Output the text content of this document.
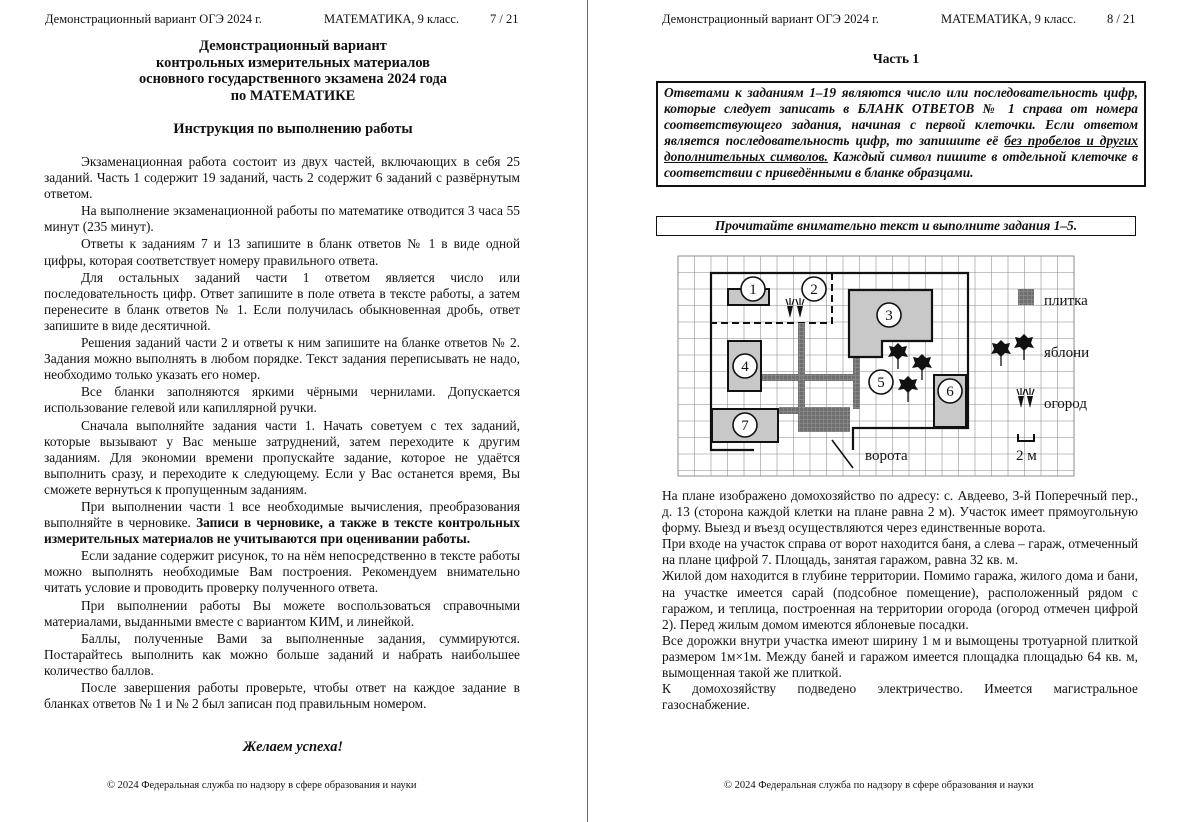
Демонстрационный вариант ОГЭ 2024 г.	МАТЕМАТИКА, 9 класс. 7 / 21
Демонстрационный вариант
контрольных измерительных материалов
основного государственного экзамена 2024 года
по МАТЕМАТИКЕ
Инструкция по выполнению работы

Экзаменационная работа состоит из двух частей, включающих в себя 25 заданий. Часть 1 содержит 19 заданий, часть 2 содержит 6 заданий с развёрнутым ответом.

На выполнение экзаменационной работы по математике отводится 3 часа 55 минут (235 минут).

Ответы к заданиям 7 и 13 запишите в бланк ответов № 1 в виде одной цифры, которая соответствует номеру правильного ответа.

Для остальных заданий части 1 ответом является число или последовательность цифр. Ответ запишите в поле ответа в тексте работы, а затем перенесите в бланк ответов № 1. Если получилась обыкновенная дробь, ответ запишите в виде десятичной.

Решения заданий части 2 и ответы к ним запишите на бланке ответов № 2. Задания можно выполнять в любом порядке. Текст задания переписывать не надо, необходимо только указать его номер.

Все бланки заполняются яркими чёрными чернилами. Допускается использование гелевой или капиллярной ручки.

Сначала выполняйте задания части 1. Начать советуем с тех заданий, которые вызывают у Вас меньше затруднений, затем переходите к другим заданиям. Для экономии времени пропускайте задание, которое не удаётся выполнить сразу, и переходите к следующему. Если у Вас останется время, Вы сможете вернуться к пропущенным заданиям.

При выполнении части 1 все необходимые вычисления, преобразования выполняйте в черновике. Записи в черновике, а также в тексте контрольных измерительных материалов не учитываются при оценивании работы.

Если задание содержит рисунок, то на нём непосредственно в тексте работы можно выполнять необходимые Вам построения. Рекомендуем внимательно читать условие и проводить проверку полученного ответа.

При выполнении работы Вы можете воспользоваться справочными материалами, выданными вместе с вариантом КИМ, и линейкой.

Баллы, полученные Вами за выполненные задания, суммируются. Постарайтесь выполнить как можно больше заданий и набрать наибольшее количество баллов.

После завершения работы проверьте, чтобы ответ на каждое задание в бланках ответов № 1 и № 2 был записан под правильным номером.

Желаем успеха!
© 2024 Федеральная служба по надзору в сфере образования и науки
Демонстрационный вариант ОГЭ 2024 г.	МАТЕМАТИКА, 9 класс. 8 / 21
Часть 1
Ответами к заданиям 1–19 являются число или последовательность цифр, которые следует записать в БЛАНК ОТВЕТОВ № 1 справа от номера соответствующего задания, начиная с первой клеточки. Если ответом является последовательность цифр, то запишите её без пробелов и других дополнительных символов. Каждый символ пишите в отдельной клеточке в соответствии с приведёнными в бланке образцами.
Прочитайте внимательно текст и выполните задания 1–5.
1	2
3
4
5
6
7
плитка
яблони
огород
2 м
ворота

На плане изображено домохозяйство по адресу: с. Авдеево, 3-й Поперечный пер., д. 13 (сторона каждой клетки на плане равна 2 м). Участок имеет прямоугольную форму. Выезд и въезд осуществляются через единственные ворота.

При входе на участок справа от ворот находится баня, а слева – гараж, отмеченный на плане цифрой 7. Площадь, занятая гаражом, равна 32 кв. м.

Жилой дом находится в глубине территории. Помимо гаража, жилого дома и бани, на участке имеется сарай (подсобное помещение), расположенный рядом с гаражом, и теплица, построенная на территории огорода (огород отмечен цифрой 2). Перед жилым домом имеются яблоневые посадки.

Все дорожки внутри участка имеют ширину 1 м и вымощены тротуарной плиткой размером 1м×1м. Между баней и гаражом имеется площадка площадью 64 кв. м, вымощенная такой же плиткой.

К домохозяйству подведено электричество. Имеется магистральное газоснабжение.

© 2024 Федеральная служба по надзору в сфере образования и науки
